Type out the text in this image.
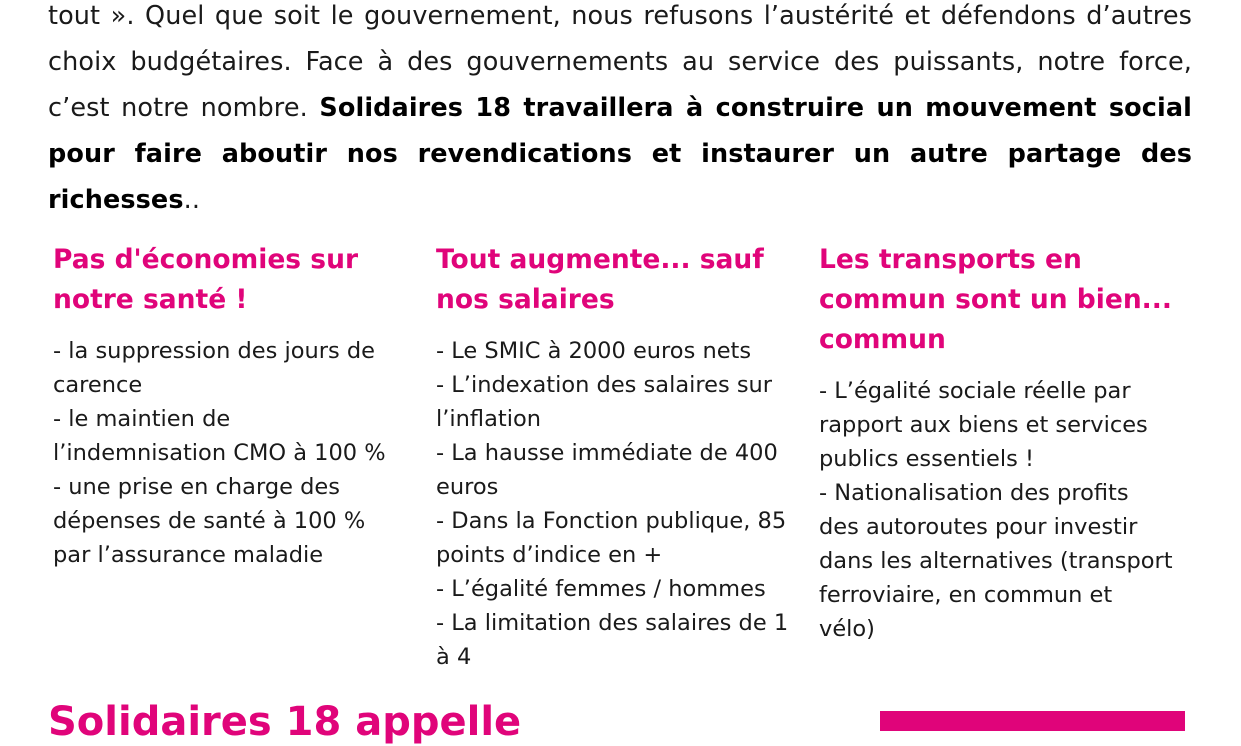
tout ». Quel que soit le gouvernement, nous refusons l’austérité et défendons d’autres choix budgétaires. Face à des gouvernements au service des puissants, notre force, c’est notre nombre. Solidaires 18 travaillera à construire un mouvement social pour faire aboutir nos revendications et instaurer un autre partage des richesses..

Pas d'économies sur notre santé !
- la suppression des jours de carence
- le maintien de l’indemnisation CMO à 100 %
- une prise en charge des dépenses de santé à 100 % par l’assurance maladie
Tout augmente... sauf nos salaires
- Le SMIC à 2000 euros nets
- L’indexation des salaires sur l’inflation
- La hausse immédiate de 400 euros
- Dans la Fonction publique, 85 points d’indice en +
- L’égalité femmes / hommes
- La limitation des salaires de 1 à 4
Les transports en commun sont un bien... commun
- L’égalité sociale réelle par rapport aux biens et services publics essentiels !
- Nationalisation des profits des autoroutes pour investir dans les alternatives (transport ferroviaire, en commun et vélo)
Solidaires 18 appelle
